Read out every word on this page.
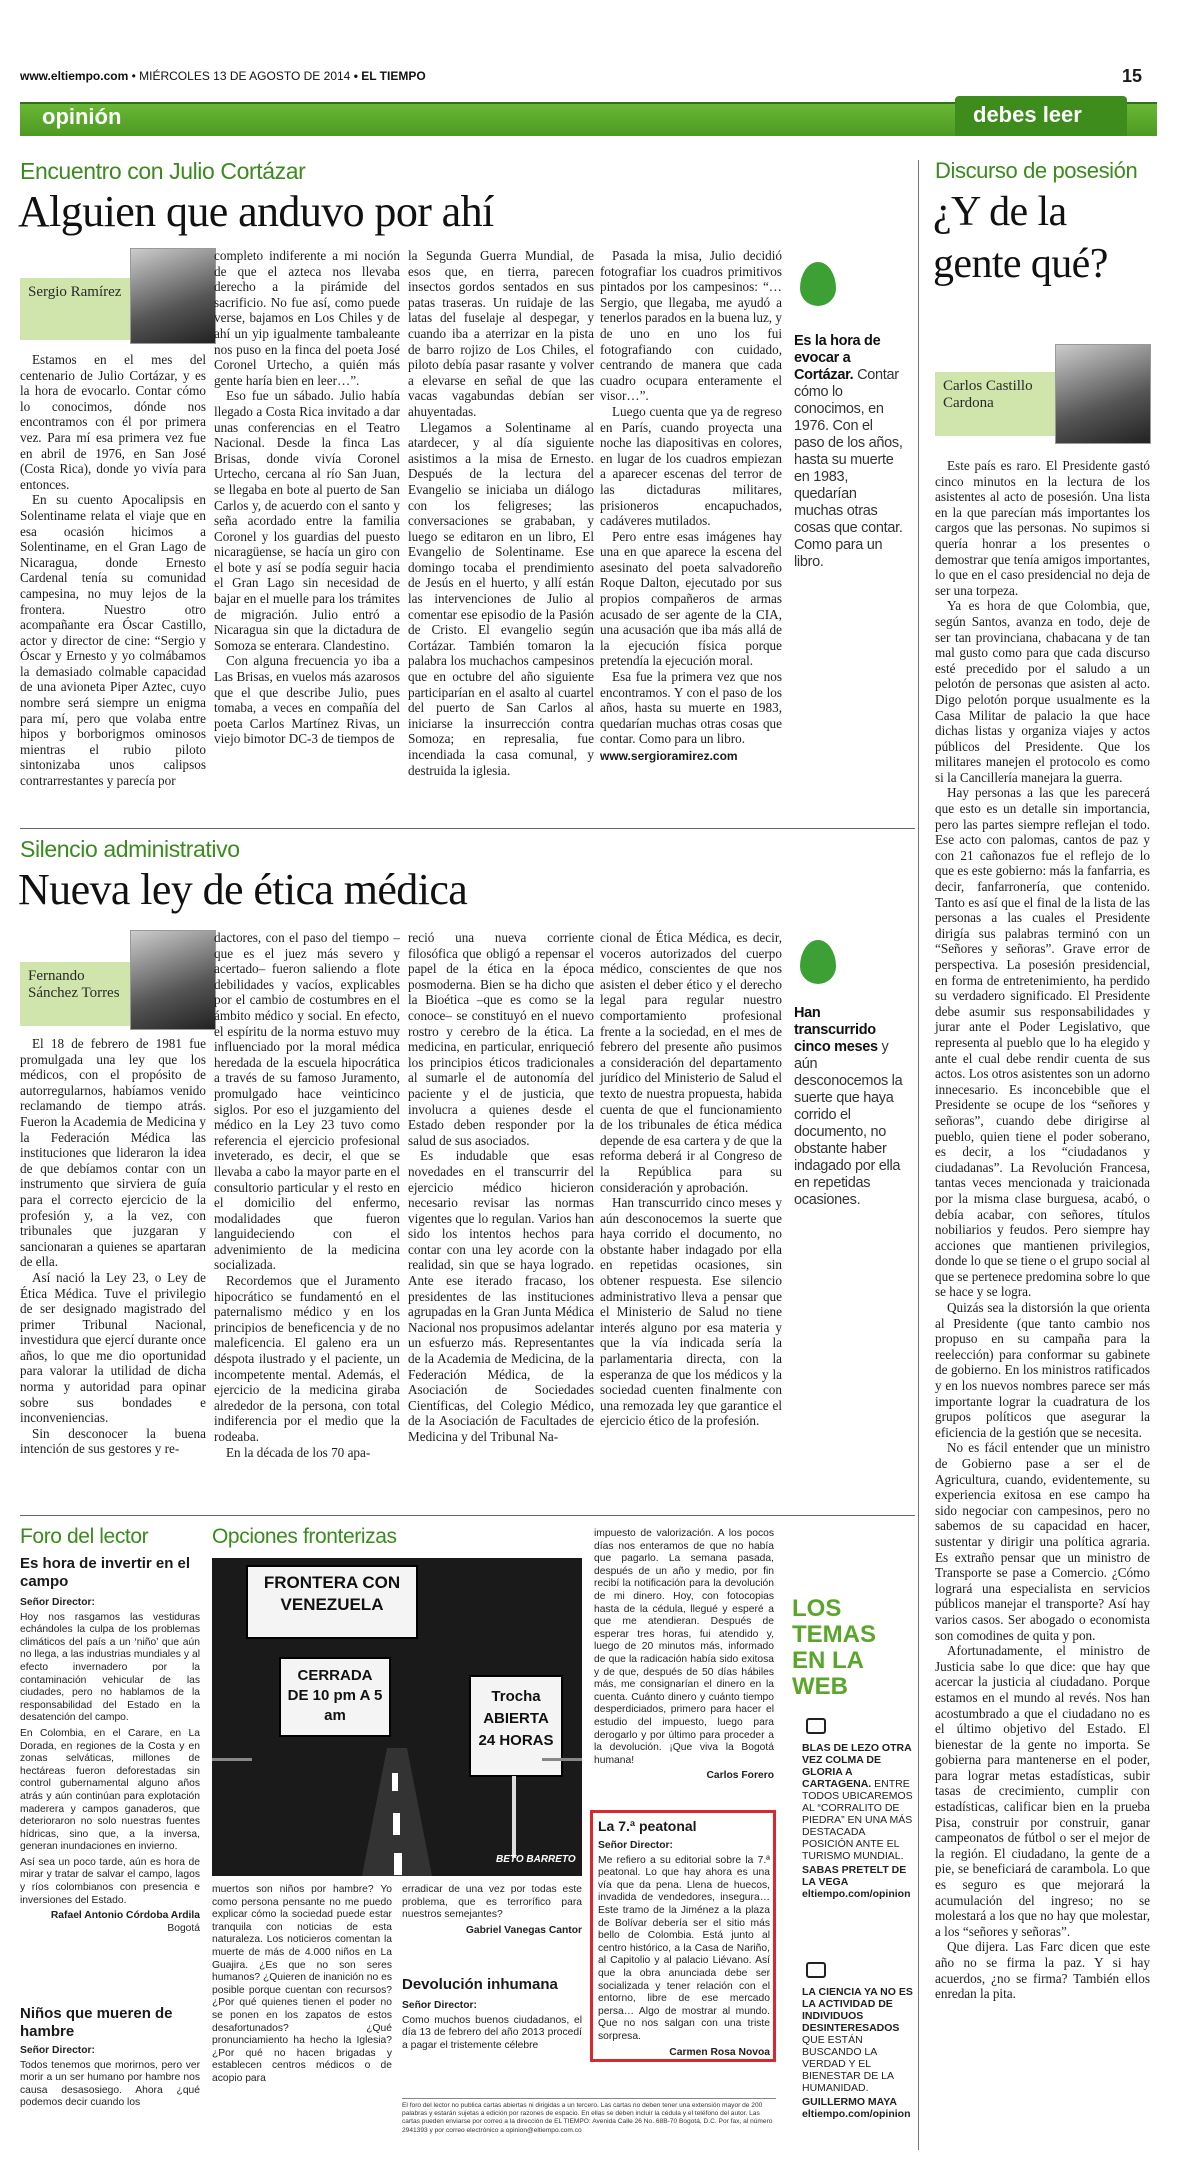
www.eltiempo.com • MIÉRCOLES 13 DE AGOSTO DE 2014 • EL TIEMPO	15
opinión	debes leer
Encuentro con Julio Cortázar
Alguien que anduvo por ahí
Sergio Ramírez

Estamos en el mes del centenario de Julio Cortázar, y es la hora de evocarlo. Contar cómo lo conocimos, dónde nos encontramos con él por primera vez. Para mí esa primera vez fue en abril de 1976, en San José (Costa Rica), donde yo vivía para entonces.

En su cuento Apocalipsis en Solentiname relata el viaje que en esa ocasión hicimos a Solentiname, en el Gran Lago de Nicaragua, donde Ernesto Cardenal tenía su comunidad campesina, no muy lejos de la frontera. Nuestro otro acompañante era Óscar Castillo, actor y director de cine: “Sergio y Óscar y Ernesto y yo colmábamos la demasiado colmable capacidad de una avioneta Piper Aztec, cuyo nombre será siempre un enigma para mí, pero que volaba entre hipos y borborigmos ominosos mientras el rubio piloto sintonizaba unos calipsos contrarrestantes y parecía por

completo indiferente a mi noción de que el azteca nos llevaba derecho a la pirámide del sacrificio. No fue así, como puede verse, bajamos en Los Chiles y de ahí un yip igualmente tambaleante nos puso en la finca del poeta José Coronel Urtecho, a quién más gente haría bien en leer…”.

Eso fue un sábado. Julio había llegado a Costa Rica invitado a dar unas conferencias en el Teatro Nacional. Desde la finca Las Brisas, donde vivía Coronel Urtecho, cercana al río San Juan, se llegaba en bote al puerto de San Carlos y, de acuerdo con el santo y seña acordado entre la familia Coronel y los guardias del puesto nicaragüense, se hacía un giro con el bote y así se podía seguir hacia el Gran Lago sin necesidad de bajar en el muelle para los trámites de migración. Julio entró a Nicaragua sin que la dictadura de Somoza se enterara. Clandestino.

Con alguna frecuencia yo iba a Las Brisas, en vuelos más azarosos que el que describe Julio, pues tomaba, a veces en compañía del poeta Carlos Martínez Rivas, un viejo bimotor DC-3 de tiempos de

la Segunda Guerra Mundial, de esos que, en tierra, parecen insectos gordos sentados en sus patas traseras. Un ruidaje de las latas del fuselaje al despegar, y cuando iba a aterrizar en la pista de barro rojizo de Los Chiles, el piloto debía pasar rasante y volver a elevarse en señal de que las vacas vagabundas debían ser ahuyentadas.

Llegamos a Solentiname al atardecer, y al día siguiente asistimos a la misa de Ernesto. Después de la lectura del Evangelio se iniciaba un diálogo con los feligreses; las conversaciones se grababan, y luego se editaron en un libro, El Evangelio de Solentiname. Ese domingo tocaba el prendimiento de Jesús en el huerto, y allí están las intervenciones de Julio al comentar ese episodio de la Pasión de Cristo. El evangelio según Cortázar. También tomaron la palabra los muchachos campesinos que en octubre del año siguiente participarían en el asalto al cuartel del puerto de San Carlos al iniciarse la insurrección contra Somoza; en represalia, fue incendiada la casa comunal, y destruida la iglesia.

Pasada la misa, Julio decidió fotografiar los cuadros primitivos pintados por los campesinos: “… Sergio, que llegaba, me ayudó a tenerlos parados en la buena luz, y de uno en uno los fui fotografiando con cuidado, centrando de manera que cada cuadro ocupara enteramente el visor…”.

Luego cuenta que ya de regreso en París, cuando proyecta una noche las diapositivas en colores, en lugar de los cuadros empiezan a aparecer escenas del terror de las dictaduras militares, prisioneros encapuchados, cadáveres mutilados.

Pero entre esas imágenes hay una en que aparece la escena del asesinato del poeta salvadoreño Roque Dalton, ejecutado por sus propios compañeros de armas acusado de ser agente de la CIA, una acusación que iba más allá de la ejecución física porque pretendía la ejecución moral.

Esa fue la primera vez que nos encontramos. Y con el paso de los años, hasta su muerte en 1983, quedarían muchas otras cosas que contar. Como para un libro.

www.sergioramirez.com
Es la hora de evocar a Cortázar. Contar cómo lo conocimos, en 1976. Con el paso de los años, hasta su muerte en 1983, quedarían muchas otras cosas que contar. Como para un libro.
Silencio administrativo
Nueva ley de ética médica
Fernando Sánchez Torres

El 18 de febrero de 1981 fue promulgada una ley que los médicos, con el propósito de autorregularnos, habíamos venido reclamando de tiempo atrás. Fueron la Academia de Medicina y la Federación Médica las instituciones que lideraron la idea de que debíamos contar con un instrumento que sirviera de guía para el correcto ejercicio de la profesión y, a la vez, con tribunales que juzgaran y sancionaran a quienes se apartaran de ella.

Así nació la Ley 23, o Ley de Ética Médica. Tuve el privilegio de ser designado magistrado del primer Tribunal Nacional, investidura que ejercí durante once años, lo que me dio oportunidad para valorar la utilidad de dicha norma y autoridad para opinar sobre sus bondades e inconveniencias.

Sin desconocer la buena intención de sus gestores y re-

dactores, con el paso del tiempo –que es el juez más severo y acertado– fueron saliendo a flote debilidades y vacíos, explicables por el cambio de costumbres en el ámbito médico y social. En efecto, el espíritu de la norma estuvo muy influenciado por la moral médica heredada de la escuela hipocrática a través de su famoso Juramento, promulgado hace veinticinco siglos. Por eso el juzgamiento del médico en la Ley 23 tuvo como referencia el ejercicio profesional inveterado, es decir, el que se llevaba a cabo la mayor parte en el consultorio particular y el resto en el domicilio del enfermo, modalidades que fueron languideciendo con el advenimiento de la medicina socializada.

Recordemos que el Juramento hipocrático se fundamentó en el paternalismo médico y en los principios de beneficencia y de no maleficencia. El galeno era un déspota ilustrado y el paciente, un incompetente mental. Además, el ejercicio de la medicina giraba alrededor de la persona, con total indiferencia por el medio que la rodeaba.

En la década de los 70 apa-

reció una nueva corriente filosófica que obligó a repensar el papel de la ética en la época posmoderna. Bien se ha dicho que la Bioética –que es como se la conoce– se constituyó en el nuevo rostro y cerebro de la ética. La medicina, en particular, enriqueció los principios éticos tradicionales al sumarle el de autonomía del paciente y el de justicia, que involucra a quienes desde el Estado deben responder por la salud de sus asociados.

Es indudable que esas novedades en el transcurrir del ejercicio médico hicieron necesario revisar las normas vigentes que lo regulan. Varios han sido los intentos hechos para contar con una ley acorde con la realidad, sin que se haya logrado. Ante ese iterado fracaso, los presidentes de las instituciones agrupadas en la Gran Junta Médica Nacional nos propusimos adelantar un esfuerzo más. Representantes de la Academia de Medicina, de la Federación Médica, de la Asociación de Sociedades Científicas, del Colegio Médico, de la Asociación de Facultades de Medicina y del Tribunal Na-

cional de Ética Médica, es decir, voceros autorizados del cuerpo médico, conscientes de que nos asisten el deber ético y el derecho legal para regular nuestro comportamiento profesional frente a la sociedad, en el mes de febrero del presente año pusimos a consideración del departamento jurídico del Ministerio de Salud el texto de nuestra propuesta, habida cuenta de que el funcionamiento de los tribunales de ética médica depende de esa cartera y de que la reforma deberá ir al Congreso de la República para su consideración y aprobación.

Han transcurrido cinco meses y aún desconocemos la suerte que haya corrido el documento, no obstante haber indagado por ella en repetidas ocasiones, sin obtener respuesta. Ese silencio administrativo lleva a pensar que el Ministerio de Salud no tiene interés alguno por esa materia y que la vía indicada sería la parlamentaria directa, con la esperanza de que los médicos y la sociedad cuenten finalmente con una remozada ley que garantice el ejercicio ético de la profesión.

Han transcurrido cinco meses y aún desconocemos la suerte que haya corrido el documento, no obstante haber indagado por ella en repetidas ocasiones.
Discurso de posesión
¿Y de la gente qué?
Carlos Castillo Cardona

Este país es raro. El Presidente gastó cinco minutos en la lectura de los asistentes al acto de posesión. Una lista en la que parecían más importantes los cargos que las personas. No supimos si quería honrar a los presentes o demostrar que tenía amigos importantes, lo que en el caso presidencial no deja de ser una torpeza.

Ya es hora de que Colombia, que, según Santos, avanza en todo, deje de ser tan provinciana, chabacana y de tan mal gusto como para que cada discurso esté precedido por el saludo a un pelotón de personas que asisten al acto. Digo pelotón porque usualmente es la Casa Militar de palacio la que hace dichas listas y organiza viajes y actos públicos del Presidente. Que los militares manejen el protocolo es como si la Cancillería manejara la guerra.

Hay personas a las que les parecerá que esto es un detalle sin importancia, pero las partes siempre reflejan el todo. Ese acto con palomas, cantos de paz y con 21 cañonazos fue el reflejo de lo que es este gobierno: más la fanfarria, es decir, fanfarronería, que contenido. Tanto es así que el final de la lista de las personas a las cuales el Presidente dirigía sus palabras terminó con un “Señores y señoras”. Grave error de perspectiva. La posesión presidencial, en forma de entretenimiento, ha perdido su verdadero significado. El Presidente debe asumir sus responsabilidades y jurar ante el Poder Legislativo, que representa al pueblo que lo ha elegido y ante el cual debe rendir cuenta de sus actos. Los otros asistentes son un adorno innecesario. Es inconcebible que el Presidente se ocupe de los “señores y señoras”, cuando debe dirigirse al pueblo, quien tiene el poder soberano, es decir, a los “ciudadanos y ciudadanas”. La Revolución Francesa, tantas veces mencionada y traicionada por la misma clase burguesa, acabó, o debía acabar, con señores, títulos nobiliarios y feudos. Pero siempre hay acciones que mantienen privilegios, donde lo que se tiene o el grupo social al que se pertenece predomina sobre lo que se hace y se logra.

Quizás sea la distorsión la que orienta al Presidente (que tanto cambio nos propuso en su campaña para la reelección) para conformar su gabinete de gobierno. En los ministros ratificados y en los nuevos nombres parece ser más importante lograr la cuadratura de los grupos políticos que asegurar la eficiencia de la gestión que se necesita.

No es fácil entender que un ministro de Gobierno pase a ser el de Agricultura, cuando, evidentemente, su experiencia exitosa en ese campo ha sido negociar con campesinos, pero no sabemos de su capacidad en hacer, sustentar y dirigir una política agraria. Es extraño pensar que un ministro de Transporte se pase a Comercio. ¿Cómo logrará una especialista en servicios públicos manejar el transporte? Así hay varios casos. Ser abogado o economista son comodines de quita y pon.

Afortunadamente, el ministro de Justicia sabe lo que dice: que hay que acercar la justicia al ciudadano. Porque estamos en el mundo al revés. Nos han acostumbrado a que el ciudadano no es el último objetivo del Estado. El bienestar de la gente no importa. Se gobierna para mantenerse en el poder, para lograr metas estadísticas, subir tasas de crecimiento, cumplir con estadísticas, calificar bien en la prueba Pisa, construir por construir, ganar campeonatos de fútbol o ser el mejor de la región. El ciudadano, la gente de a pie, se beneficiará de carambola. Lo que es seguro es que mejorará la acumulación del ingreso; no se molestará a los que no hay que molestar, a los “señores y señoras”.

Que dijera. Las Farc dicen que este año no se firma la paz. Y si hay acuerdos, ¿no se firma? También ellos enredan la pita.

Foro del lector
Es hora de invertir en el campo
Señor Director:

Hoy nos rasgamos las vestiduras echándoles la culpa de los problemas climáticos del país a un ‘niño’ que aún no llega, a las industrias mundiales y al efecto invernadero por la contaminación vehicular de las ciudades, pero no hablamos de la responsabilidad del Estado en la desatención del campo.

En Colombia, en el Carare, en La Dorada, en regiones de la Costa y en zonas selváticas, millones de hectáreas fueron deforestadas sin control gubernamental alguno años atrás y aún continúan para explotación maderera y campos ganaderos, que deterioraron no solo nuestras fuentes hídricas, sino que, a la inversa, generan inundaciones en invierno.

Así sea un poco tarde, aún es hora de mirar y tratar de salvar el campo, lagos y ríos colombianos con presencia e inversiones del Estado.

Rafael Antonio Córdoba Ardila
Bogotá
Niños que mueren de hambre
Señor Director:

Todos tenemos que morirnos, pero ver morir a un ser humano por hambre nos causa desasosiego. Ahora ¿qué podemos decir cuando los

Opciones fronterizas
FRONTERA CON VENEZUELA
CERRADA DE 10 pm A 5 am
Trocha ABIERTA 24 HORAS
BETO BARRETO

muertos son niños por hambre? Yo como persona pensante no me puedo explicar cómo la sociedad puede estar tranquila con noticias de esta naturaleza. Los noticieros comentan la muerte de más de 4.000 niños en La Guajira. ¿Es que no son seres humanos? ¿Quieren de inanición no es posible porque cuentan con recursos? ¿Por qué quienes tienen el poder no se ponen en los zapatos de estos desafortunados? ¿Qué pronunciamiento ha hecho la Iglesia? ¿Por qué no hacen brigadas y establecen centros médicos o de acopio para

erradicar de una vez por todas este problema, que es terrorífico para nuestros semejantes?

Gabriel Vanegas Cantor
Devolución inhumana
Señor Director:

Como muchos buenos ciudadanos, el día 13 de febrero del año 2013 procedí a pagar el tristemente célebre

impuesto de valorización. A los pocos días nos enteramos de que no había que pagarlo. La semana pasada, después de un año y medio, por fin recibí la notificación para la devolución de mi dinero. Hoy, con fotocopias hasta de la cédula, llegué y esperé a que me atendieran. Después de esperar tres horas, fui atendido y, luego de 20 minutos más, informado de que la radicación había sido exitosa y de que, después de 50 días hábiles más, me consignarían el dinero en la cuenta. Cuánto dinero y cuánto tiempo desperdiciados, primero para hacer el estudio del impuesto, luego para derogarlo y por último para proceder a la devolución. ¡Que viva la Bogotá humana!

Carlos Forero
La 7.ª peatonal
Señor Director:

Me refiero a su editorial sobre la 7.ª peatonal. Lo que hay ahora es una vía que da pena. Llena de huecos, invadida de vendedores, insegura… Este tramo de la Jiménez a la plaza de Bolívar debería ser el sitio más bello de Colombia. Está junto al centro histórico, a la Casa de Nariño, al Capitolio y al palacio Liévano. Así que la obra anunciada debe ser socializada y tener relación con el entorno, libre de ese mercado persa… Algo de mostrar al mundo. Que no nos salgan con una triste sorpresa.

Carmen Rosa Novoa
El foro del lector no publica cartas abiertas ni dirigidas a un tercero. Las cartas no deben tener una extensión mayor de 200 palabras y estarán sujetas a edición por razones de espacio. En ellas se deben incluir la cédula y el teléfono del autor. Las cartas pueden enviarse por correo a la dirección de EL TIEMPO: Avenida Calle 26 No. 68B-70 Bogotá, D.C. Por fax, al número 2941393 y por correo electrónico a opinion@eltiempo.com.co
LOS
TEMAS
EN LA
WEB
BLAS DE LEZO OTRA VEZ COLMA DE GLORIA A CARTAGENA. ENTRE TODOS UBICAREMOS AL “CORRALITO DE PIEDRA” EN UNA MÁS DESTACADA POSICIÓN ANTE EL TURISMO MUNDIAL.
SABAS PRETELT DE LA VEGA
eltiempo.com/opinion
LA CIENCIA YA NO ES LA ACTIVIDAD DE INDIVIDUOS DESINTERESADOS QUE ESTÁN BUSCANDO LA VERDAD Y EL BIENESTAR DE LA HUMANIDAD.
GUILLERMO MAYA
eltiempo.com/opinion
